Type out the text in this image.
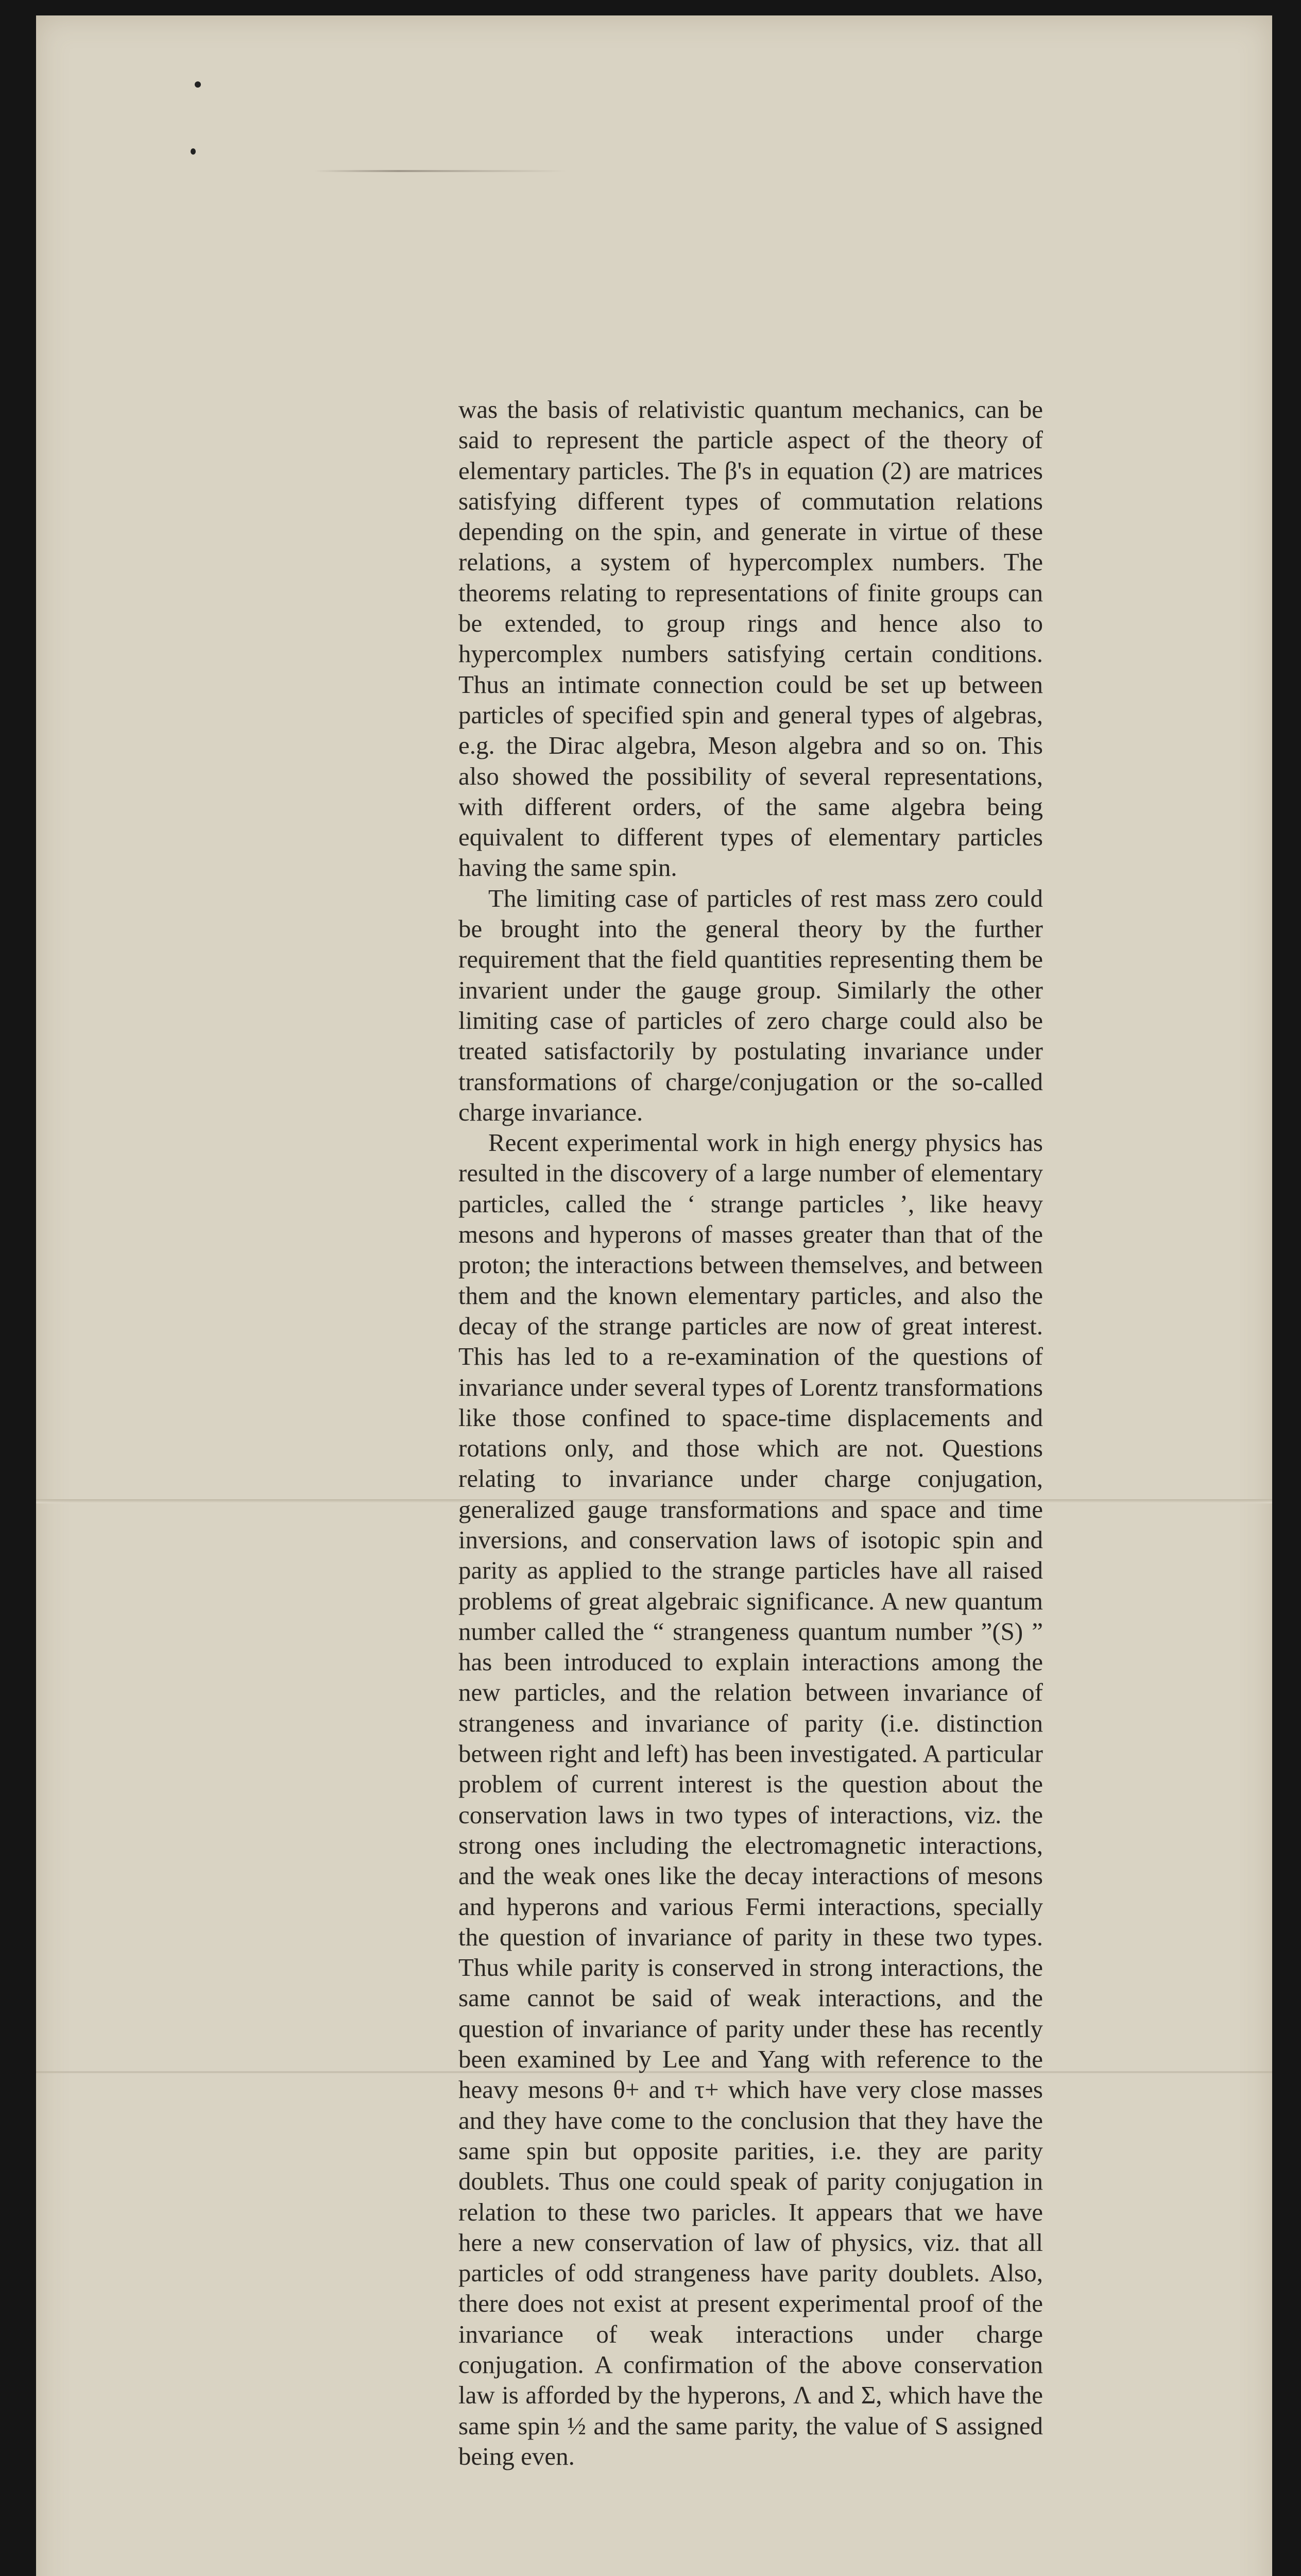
was the basis of relativistic quantum mechanics, can be said to represent the particle aspect of the theory of elementary particles. The β's in equation (2) are matrices satisfying different types of commutation relations depending on the spin, and generate in virtue of these relations, a system of hypercomplex numbers. The theorems relating to representations of finite groups can be extended, to group rings and hence also to hypercomplex numbers satisfying certain conditions. Thus an intimate connection could be set up between particles of specified spin and general types of algebras, e.g. the Dirac algebra, Meson algebra and so on. This also showed the possibility of several representations, with different orders, of the same algebra being equivalent to different types of elementary particles having the same spin.

The limiting case of particles of rest mass zero could be brought into the general theory by the further requirement that the field quantities representing them be invarient under the gauge group. Similarly the other limiting case of particles of zero charge could also be treated satisfactorily by postulating invariance under transformations of charge/conjugation or the so-called charge invariance.

Recent experimental work in high energy physics has resulted in the discovery of a large number of elementary particles, called the ‘ strange particles ’, like heavy mesons and hyperons of masses greater than that of the proton; the interactions between themselves, and between them and the known elementary particles, and also the decay of the strange particles are now of great interest. This has led to a re-examination of the questions of invariance under several types of Lorentz transformations like those confined to space-time displacements and rotations only, and those which are not. Questions relating to invariance under charge conjugation, generalized gauge transformations and space and time inversions, and conservation laws of isotopic spin and parity as applied to the strange particles have all raised problems of great algebraic significance. A new quantum number called the “ strangeness quantum number ”(S) ” has been introduced to explain interactions among the new particles, and the relation between invariance of strangeness and invariance of parity (i.e. distinction between right and left) has been investigated. A particular problem of current interest is the question about the conservation laws in two types of interactions, viz. the strong ones including the electromagnetic interactions, and the weak ones like the decay interactions of mesons and hyperons and various Fermi interactions, specially the question of invariance of parity in these two types. Thus while parity is conserved in strong interactions, the same cannot be said of weak interactions, and the question of invariance of parity under these has recently been examined by Lee and Yang with reference to the heavy mesons θ+ and τ+ which have very close masses and they have come to the conclusion that they have the same spin but opposite parities, i.e. they are parity doublets. Thus one could speak of parity conjugation in relation to these two paricles. It appears that we have here a new conservation of law of physics, viz. that all particles of odd strangeness have parity doublets. Also, there does not exist at present experimental proof of the invariance of weak interactions under charge conjugation. A confirmation of the above conservation law is afforded by the hyperons, Λ and Σ, which have the same spin ½ and the same parity, the value of S assigned being even.
